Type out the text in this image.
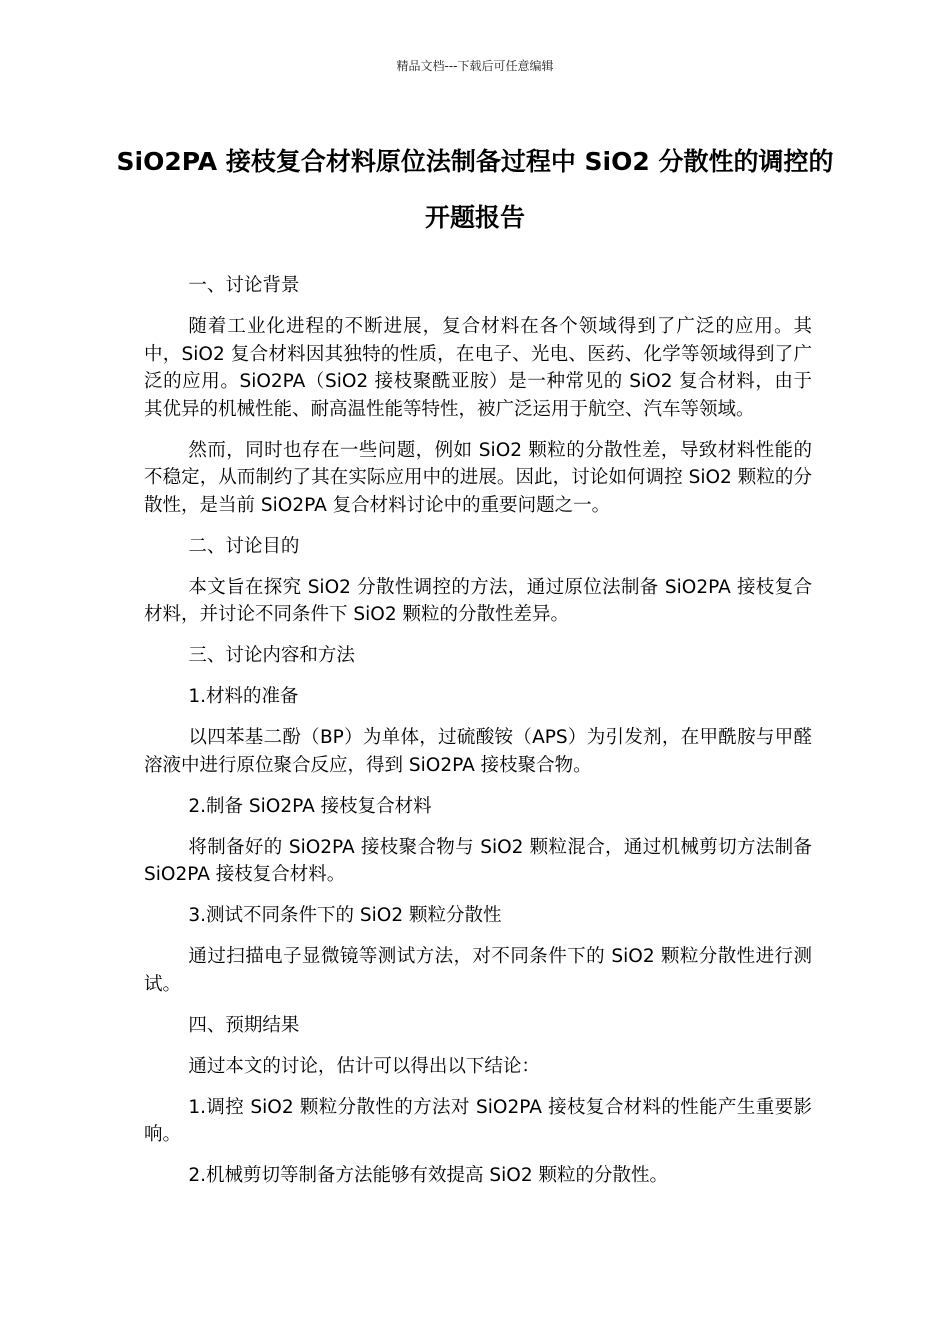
精品文档---下载后可任意编辑
SiO2PA 接枝复合材料原位法制备过程中 SiO2 分散性的调控的开题报告

一、讨论背景

随着工业化进程的不断进展，复合材料在各个领域得到了广泛的应用。其中，SiO2 复合材料因其独特的性质，在电子、光电、医药、化学等领域得到了广泛的应用。SiO2PA（SiO2 接枝聚酰亚胺）是一种常见的 SiO2 复合材料，由于其优异的机械性能、耐高温性能等特性，被广泛运用于航空、汽车等领域。

然而，同时也存在一些问题，例如 SiO2 颗粒的分散性差，导致材料性能的不稳定，从而制约了其在实际应用中的进展。因此，讨论如何调控 SiO2 颗粒的分散性，是当前 SiO2PA 复合材料讨论中的重要问题之一。

二、讨论目的

本文旨在探究 SiO2 分散性调控的方法，通过原位法制备 SiO2PA 接枝复合材料，并讨论不同条件下 SiO2 颗粒的分散性差异。

三、讨论内容和方法

1.材料的准备

以四苯基二酚（BP）为单体，过硫酸铵（APS）为引发剂，在甲酰胺与甲醛溶液中进行原位聚合反应，得到 SiO2PA 接枝聚合物。

2.制备 SiO2PA 接枝复合材料

将制备好的 SiO2PA 接枝聚合物与 SiO2 颗粒混合，通过机械剪切方法制备 SiO2PA 接枝复合材料。

3.测试不同条件下的 SiO2 颗粒分散性

通过扫描电子显微镜等测试方法，对不同条件下的 SiO2 颗粒分散性进行测试。

四、预期结果

通过本文的讨论，估计可以得出以下结论：

1.调控 SiO2 颗粒分散性的方法对 SiO2PA 接枝复合材料的性能产生重要影响。

2.机械剪切等制备方法能够有效提高 SiO2 颗粒的分散性。
